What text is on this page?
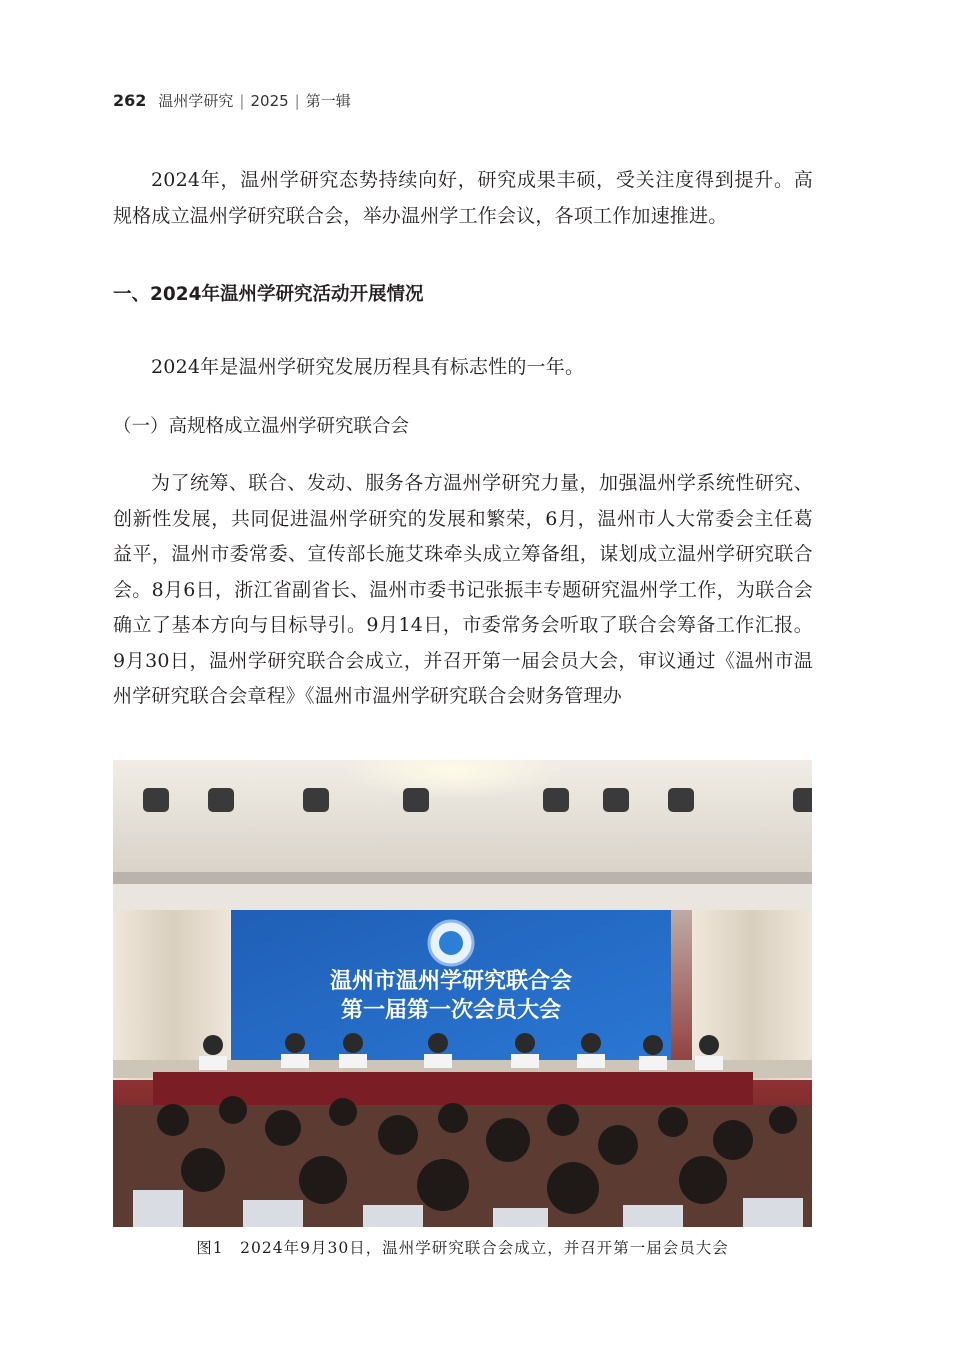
262 温州学研究 | 2025 | 第一辑

2024年，温州学研究态势持续向好，研究成果丰硕，受关注度得到提升。高规格成立温州学研究联合会，举办温州学工作会议，各项工作加速推进。

一、2024年温州学研究活动开展情况

2024年是温州学研究发展历程具有标志性的一年。

（一）高规格成立温州学研究联合会

为了统筹、联合、发动、服务各方温州学研究力量，加强温州学系统性研究、创新性发展，共同促进温州学研究的发展和繁荣，6月，温州市人大常委会主任葛益平，温州市委常委、宣传部长施艾珠牵头成立筹备组，谋划成立温州学研究联合会。8月6日，浙江省副省长、温州市委书记张振丰专题研究温州学工作，为联合会确立了基本方向与目标导引。9月14日，市委常务会听取了联合会筹备工作汇报。9月30日，温州学研究联合会成立，并召开第一届会员大会，审议通过《温州市温州学研究联合会章程》《温州市温州学研究联合会财务管理办

温州市温州学研究联合会
第一届第一次会员大会
图1　2024年9月30日，温州学研究联合会成立，并召开第一届会员大会
